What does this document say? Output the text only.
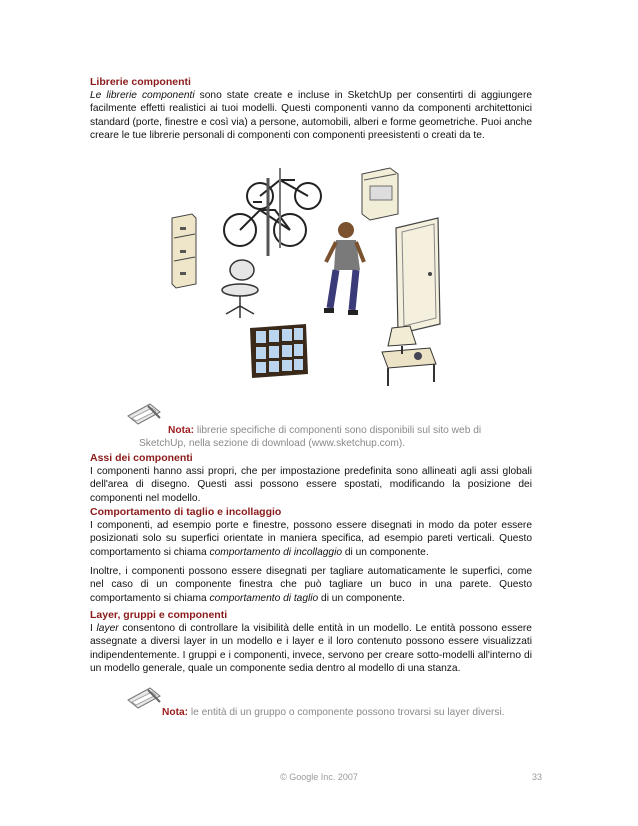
Librerie componenti
Le librerie componenti sono state create e incluse in SketchUp per consentirti di aggiungere facilmente effetti realistici ai tuoi modelli. Questi componenti vanno da componenti architettonici standard (porte, finestre e così via) a persone, automobili, alberi e forme geometriche. Puoi anche creare le tue librerie personali di componenti con componenti preesistenti o creati da te.
Nota: librerie specifiche di componenti sono disponibili sul sito web di
SketchUp, nella sezione di download (www.sketchup.com).
Assi dei componenti
I componenti hanno assi propri, che per impostazione predefinita sono allineati agli assi globali dell'area di disegno. Questi assi possono essere spostati, modificando la posizione dei componenti nel modello.
Comportamento di taglio e incollaggio
I componenti, ad esempio porte e finestre, possono essere disegnati in modo da poter essere posizionati solo su superfici orientate in maniera specifica, ad esempio pareti verticali. Questo comportamento si chiama comportamento di incollaggio di un componente.
Inoltre, i componenti possono essere disegnati per tagliare automaticamente le superfici, come nel caso di un componente finestra che può tagliare un buco in una parete. Questo comportamento si chiama comportamento di taglio di un componente.
Layer, gruppi e componenti
I layer consentono di controllare la visibilità delle entità in un modello. Le entità possono essere assegnate a diversi layer in un modello e i layer e il loro contenuto possono essere visualizzati indipendentemente. I gruppi e i componenti, invece, servono per creare sotto-modelli all'interno di un modello generale, quale un componente sedia dentro al modello di una stanza.
Nota: le entità di un gruppo o componente possono trovarsi su layer diversi.
© Google Inc. 2007	33
